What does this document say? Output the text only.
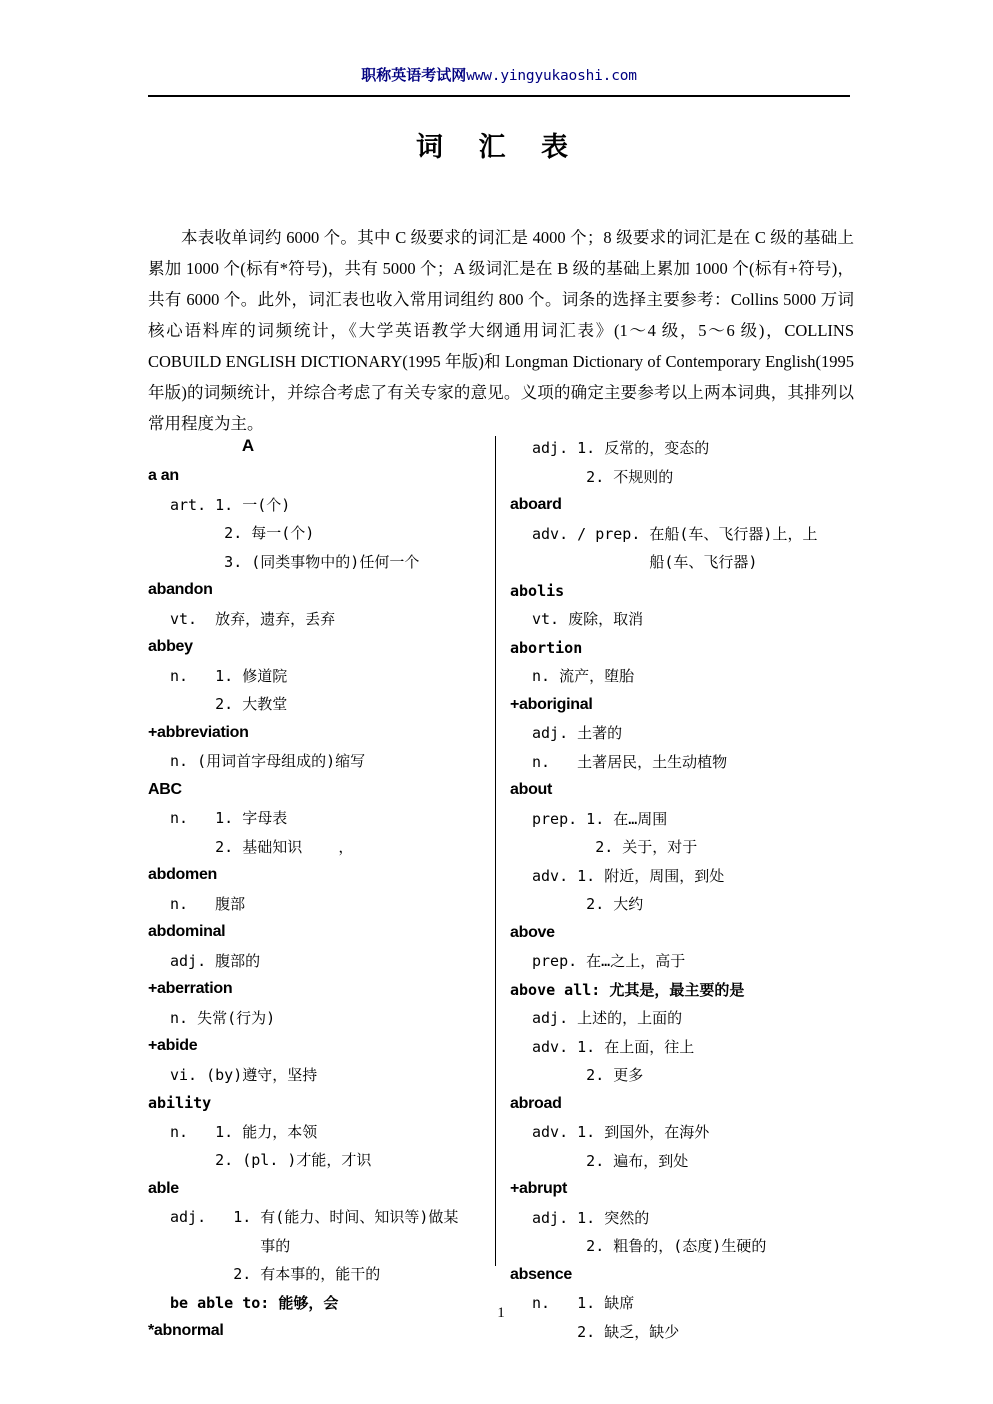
职称英语考试网www.yingyukaoshi.com
词 汇 表
本表收单词约 6000 个。其中 C 级要求的词汇是 4000 个；8 级要求的词汇是在 C 级的基础上累加 1000 个(标有*符号)，共有 5000 个；A 级词汇是在 B 级的基础上累加 1000 个(标有+符号)，共有 6000 个。此外，词汇表也收入常用词组约 800 个。词条的选择主要参考：Collins 5000 万词核心语料库的词频统计，《大学英语教学大纲通用词汇表》(1～4 级，5～6 级)，COLLINS COBUILD ENGLISH DICTIONARY(1995 年版)和 Longman Dictionary of Contemporary English(1995 年版)的词频统计，并综合考虑了有关专家的意见。义项的确定主要参考以上两本词典，其排列以常用程度为主。
A
a an
art. 1. 一(个)
2. 每一(个)
3. (同类事物中的)任何一个
abandon
vt.  放弃，遗弃，丢弃
abbey
n.   1. 修道院
2. 大教堂
+abbreviation
n. (用词首字母组成的)缩写
ABC
n.   1. 字母表
2. 基础知识    ，
abdomen
n.   腹部
abdominal
adj. 腹部的
+aberration
n. 失常(行为)
+abide
vi. (by)遵守，坚持
ability
n.   1. 能力，本领
2. (pl. )才能，才识
able
adj.   1. 有(能力、时间、知识等)做某
事的
2. 有本事的，能干的
be able to: 能够，会
*abnormal
adj. 1. 反常的，变态的
2. 不规则的
aboard
adv. / prep. 在船(车、飞行器)上，上
船(车、飞行器)
abolis
vt. 废除，取消
abortion
n. 流产，堕胎
+aboriginal
adj. 土著的
n.   土著居民，土生动植物
about
prep. 1. 在…周围
2. 关于，对于
adv. 1. 附近，周围，到处
2. 大约
above
prep. 在…之上，高于
above all: 尤其是，最主要的是
adj. 上述的，上面的
adv. 1. 在上面，往上
2. 更多
abroad
adv. 1. 到国外，在海外
2. 遍布，到处
+abrupt
adj. 1. 突然的
2. 粗鲁的，(态度)生硬的
absence
n.   1. 缺席
2. 缺乏，缺少
1
